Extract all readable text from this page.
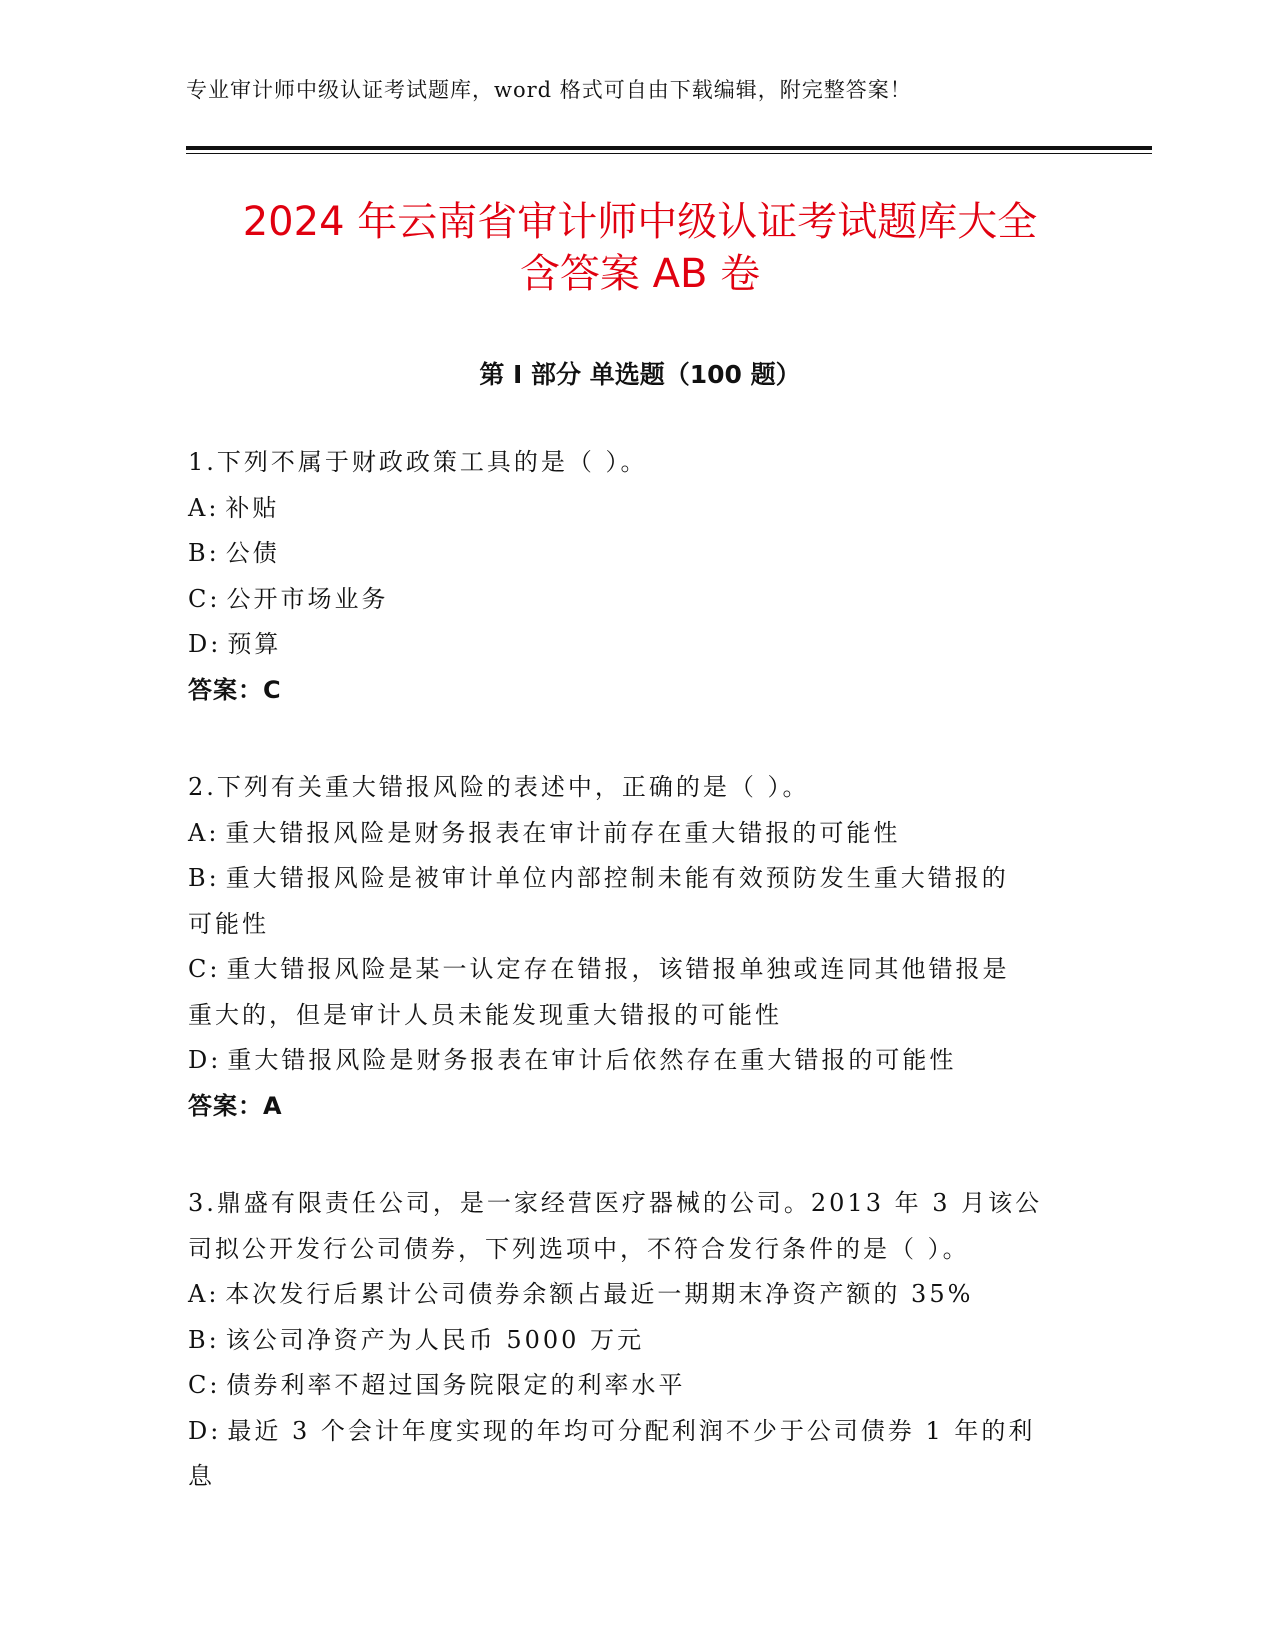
专业审计师中级认证考试题库，word 格式可自由下载编辑，附完整答案！
2024 年云南省审计师中级认证考试题库大全
含答案 AB 卷
第 I 部分 单选题（100 题）
1.下列不属于财政政策工具的是（ ）。
A: 补贴
B: 公债
C: 公开市场业务
D: 预算
答案：C
2.下列有关重大错报风险的表述中，正确的是（ ）。
A: 重大错报风险是财务报表在审计前存在重大错报的可能性
B: 重大错报风险是被审计单位内部控制未能有效预防发生重大错报的
可能性
C: 重大错报风险是某一认定存在错报，该错报单独或连同其他错报是
重大的，但是审计人员未能发现重大错报的可能性
D: 重大错报风险是财务报表在审计后依然存在重大错报的可能性
答案：A
3.鼎盛有限责任公司，是一家经营医疗器械的公司。2013 年 3 月该公
司拟公开发行公司债券，下列选项中，不符合发行条件的是（ ）。
A: 本次发行后累计公司债券余额占最近一期期末净资产额的 35%
B: 该公司净资产为人民币 5000 万元
C: 债券利率不超过国务院限定的利率水平
D: 最近 3 个会计年度实现的年均可分配利润不少于公司债券 1 年的利
息
